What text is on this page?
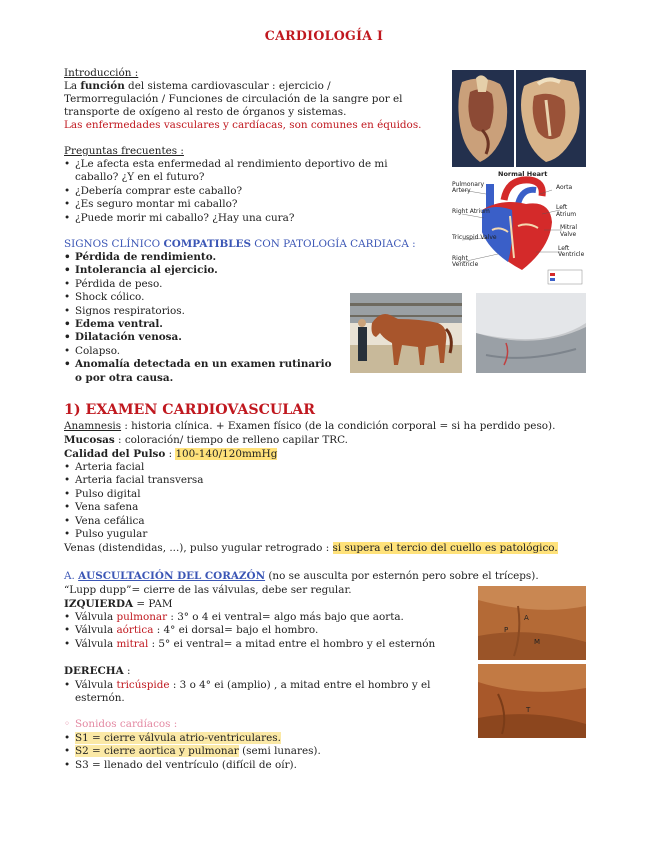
CARDIOLOGÍA I
Introducción :
La función del sistema cardiovascular : ejercicio /
Termorregulación / Funciones de circulación de la sangre por el
transporte de oxígeno al resto de órganos y sistemas.
Las enfermedades vasculares y cardíacas, son comunes en équidos.
Preguntas frecuentes :
• ¿Le afecta esta enfermedad al rendimiento deportivo de mi
caballo? ¿Y en el futuro?
• ¿Debería comprar este caballo?
• ¿Es seguro montar mi caballo?
• ¿Puede morir mi caballo? ¿Hay una cura?
SIGNOS CLÍNICO COMPATIBLES CON PATOLOGÍA CARDIACA :
• Pérdida de rendimiento.
• Intolerancia al ejercicio.
• Pérdida de peso.
• Shock cólico.
• Signos respiratorios.
• Edema ventral.
• Dilatación venosa.
• Colapso.
• Anomalía detectada en un examen rutinario
o por otra causa.
1) EXAMEN CARDIOVASCULAR
Anamnesis : historia clínica. + Examen físico (de la condición corporal = si ha perdido peso).
Mucosas : coloración/ tiempo de relleno capilar TRC.
Calidad del Pulso : 100-140/120mmHg
• Arteria facial
• Arteria facial transversa
• Pulso digital
• Vena safena
• Vena cefálica
• Pulso yugular
Venas (distendidas, ...), pulso yugular retrogrado : si supera el tercio del cuello es patológico.
A. AUSCULTACIÓN DEL CORAZÓN (no se ausculta por esternón pero sobre el tríceps).
“Lupp dupp”= cierre de las válvulas, debe ser regular.
IZQUIERDA = PAM
• Válvula pulmonar : 3° o 4 ei ventral= algo más bajo que aorta.
• Válvula aórtica : 4° ei dorsal= bajo el hombro.
• Válvula mitral : 5° ei ventral= a mitad entre el hombro y el esternón
DERECHA :
• Válvula tricúspide : 3 o 4° ei (amplio) , a mitad entre el hombro y el
esternón.
◦ Sonidos cardíacos :
• S1 = cierre válvula atrio-ventriculares.
• S2 = cierre aortica y pulmonar (semi lunares).
• S3 = llenado del ventrículo (difícil de oír).
Normal Heart
Aorta
Pulmonary Artery
Left Atrium
Right Atrium
Mitral Valve
Tricuspid Valve
Left Ventricle
Right Ventricle
P
A
M
T
